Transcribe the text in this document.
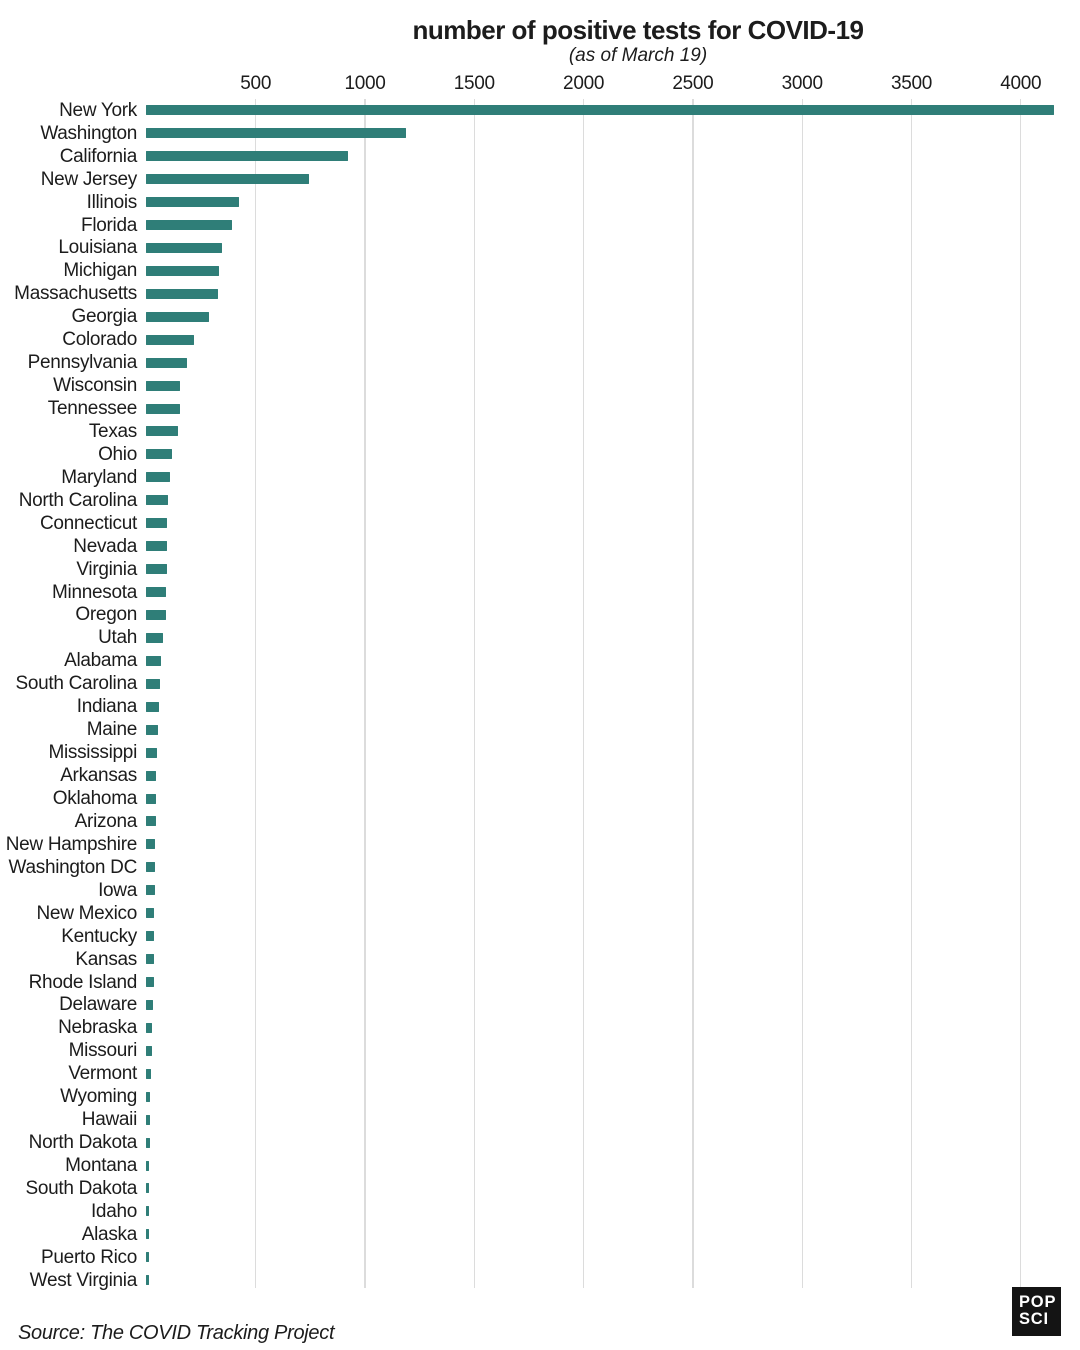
number of positive tests for COVID-19
(as of March 19)
500	1000	1500	2000	2500	3000	3500	4000
New York
Washington
California
New Jersey
Illinois
Florida
Louisiana
Michigan
Massachusetts
Georgia
Colorado
Pennsylvania
Wisconsin
Tennessee
Texas
Ohio
Maryland
North Carolina
Connecticut
Nevada
Virginia
Minnesota
Oregon
Utah
Alabama
South Carolina
Indiana
Maine
Mississippi
Arkansas
Oklahoma
Arizona
New Hampshire
Washington DC
Iowa
New Mexico
Kentucky
Kansas
Rhode Island
Delaware
Nebraska
Missouri
Vermont
Wyoming
Hawaii
North Dakota
Montana
South Dakota
Idaho
Alaska
Puerto Rico
West Virginia
Source: The COVID Tracking Project
POP
SCI
